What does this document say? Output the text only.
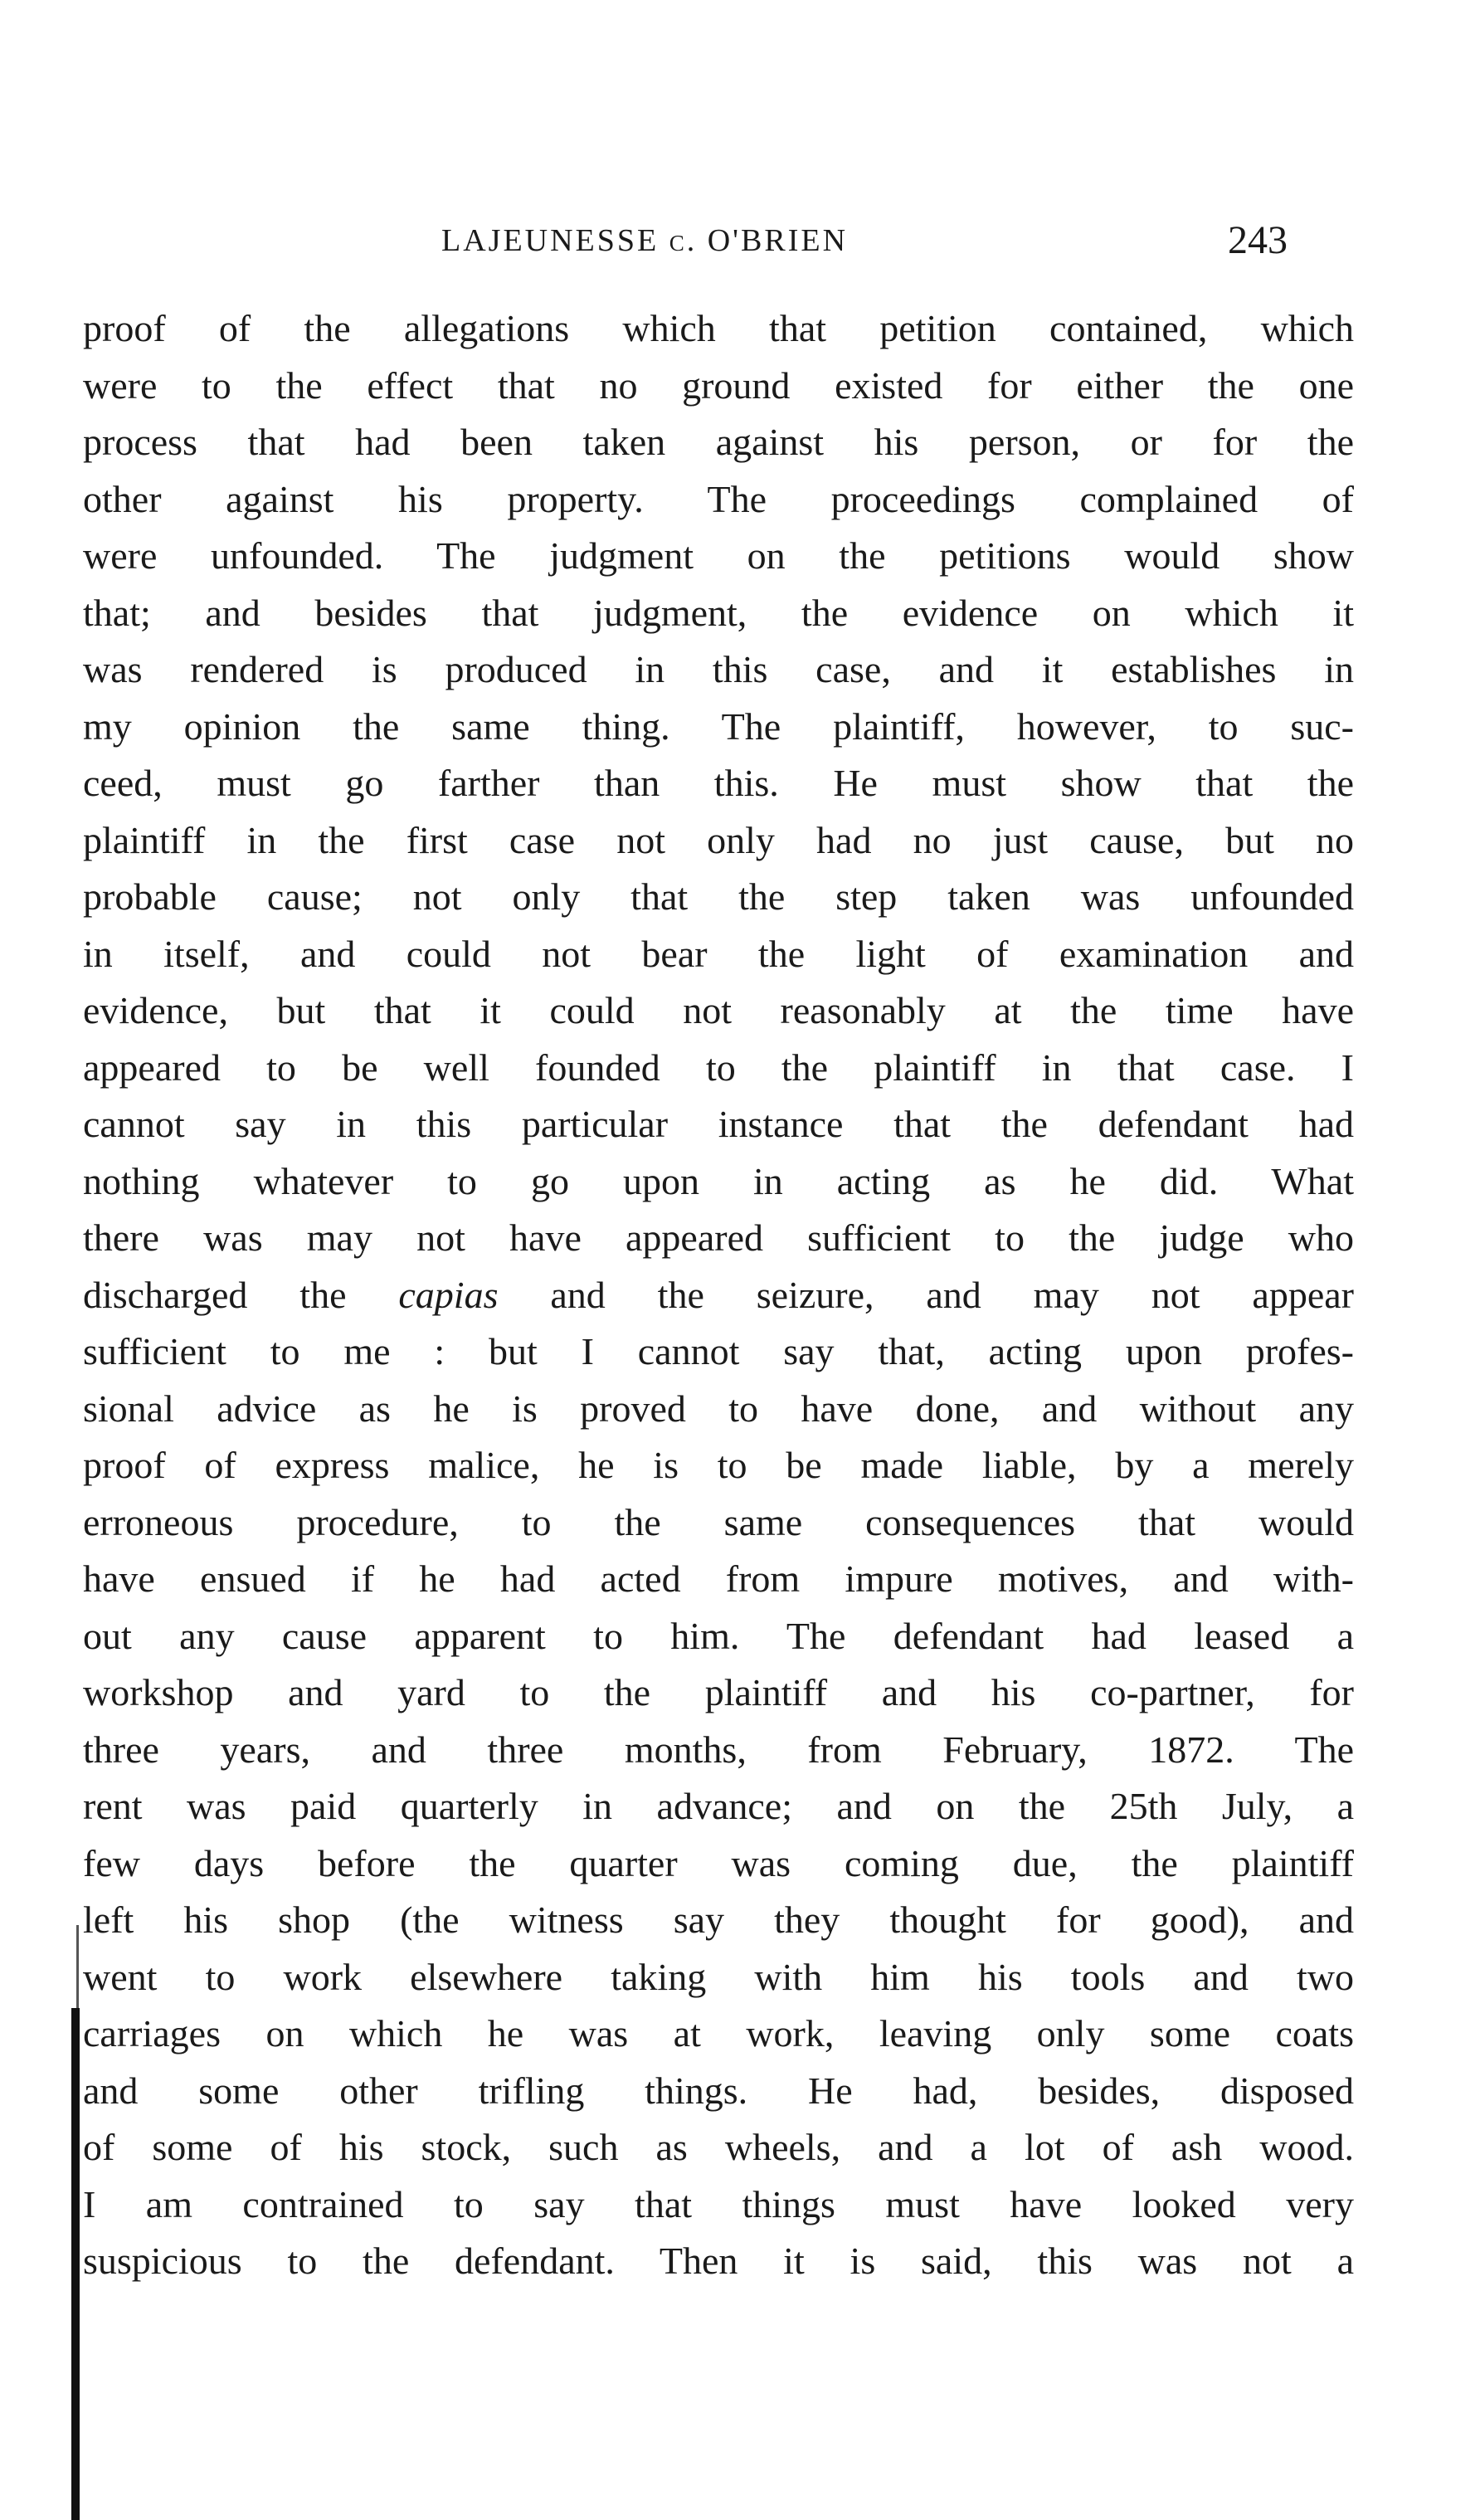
LAJEUNESSE c. O'BRIEN	243
proof of the allegations which that petition contained, which
were to the effect that no ground existed for either the one
process that had been taken against his person, or for the
other against his property. The proceedings complained of
were unfounded. The judgment on the petitions would show
that; and besides that judgment, the evidence on which it
was rendered is produced in this case, and it establishes in
my opinion the same thing. The plaintiff, however, to suc-
ceed, must go farther than this. He must show that the
plaintiff in the first case not only had no just cause, but no
probable cause; not only that the step taken was unfounded
in itself, and could not bear the light of examination and
evidence, but that it could not reasonably at the time have
appeared to be well founded to the plaintiff in that case. I
cannot say in this particular instance that the defendant had
nothing whatever to go upon in acting as he did. What
there was may not have appeared sufficient to the judge who
discharged the capias and the seizure, and may not appear
sufficient to me : but I cannot say that, acting upon profes-
sional advice as he is proved to have done, and without any
proof of express malice, he is to be made liable, by a merely
erroneous procedure, to the same consequences that would
have ensued if he had acted from impure motives, and with-
out any cause apparent to him. The defendant had leased a
workshop and yard to the plaintiff and his co-partner, for
three years, and three months, from February, 1872. The
rent was paid quarterly in advance; and on the 25th July, a
few days before the quarter was coming due, the plaintiff
left his shop (the witness say they thought for good), and
went to work elsewhere taking with him his tools and two
carriages on which he was at work, leaving only some coats
and some other trifling things. He had, besides, disposed
of some of his stock, such as wheels, and a lot of ash wood.
I am contrained to say that things must have looked very
suspicious to the defendant. Then it is said, this was not a
